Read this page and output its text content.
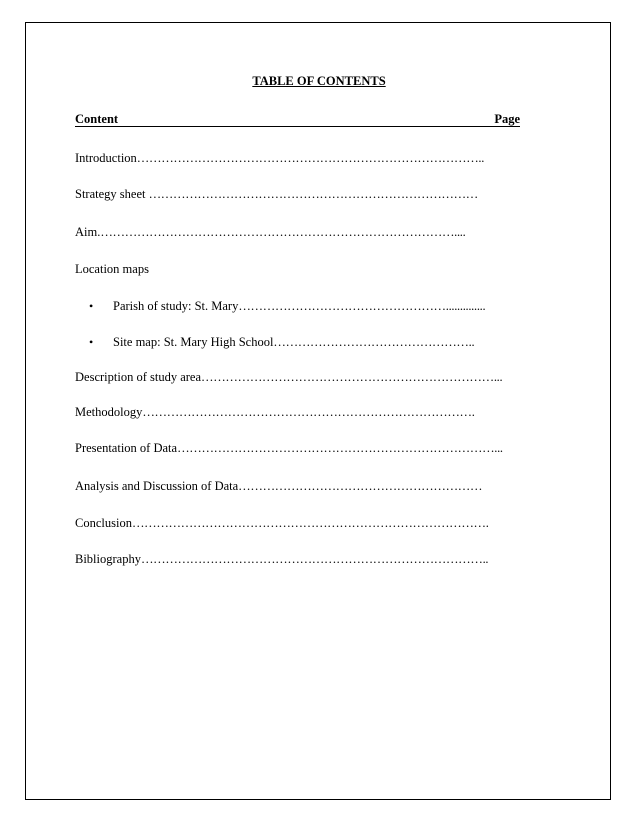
TABLE OF CONTENTS
Content	Page
Introduction…………………………………………………………………………..
Strategy sheet ………………………………………………………………………
Aim.……………………………………………………………………………....
Location maps
• Parish of study: St. Mary……………………………………………..............
• Site map: St. Mary High School…………………………………………..
Description of study area………………………………………………………………...
Methodology……………………………………………………………………….
Presentation of Data……………………………………………………………………...
Analysis and Discussion of Data……………………………………………………
Conclusion…………………………………………………………………………….
Bibliography…………………………………………………………………………..
